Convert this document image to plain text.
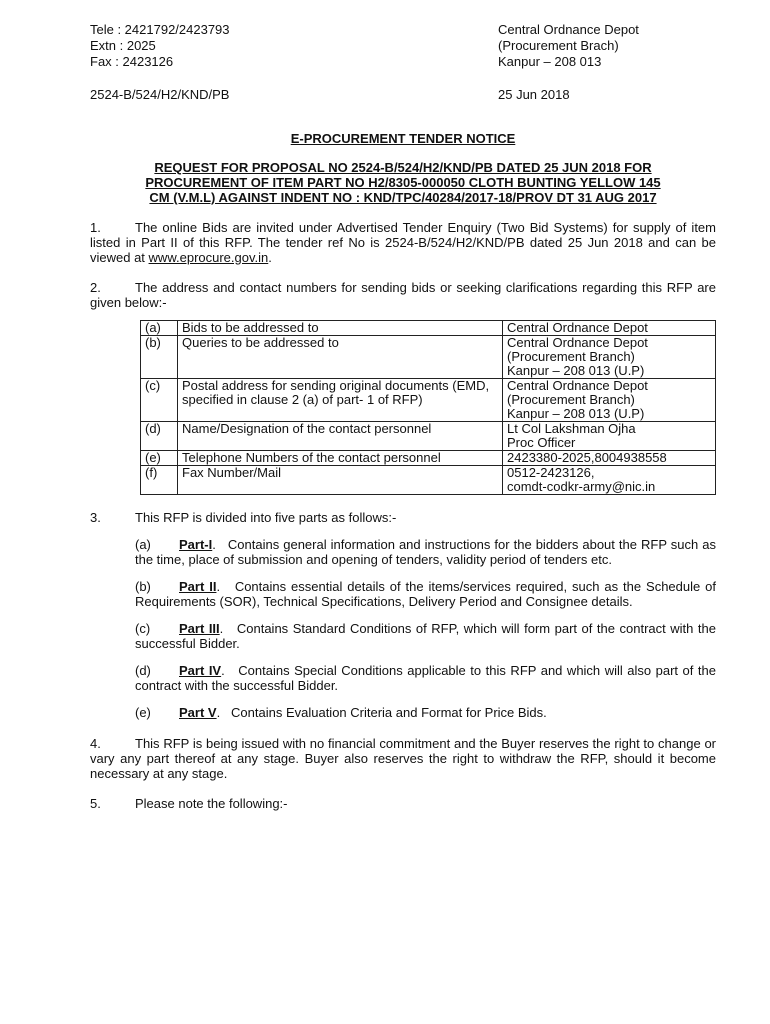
Tele : 2421792/2423793
Extn : 2025
Fax : 2423126
Central Ordnance Depot
(Procurement Brach)
Kanpur – 208 013
2524-B/524/H2/KND/PB	25 Jun 2018
E-PROCUREMENT TENDER NOTICE
REQUEST FOR PROPOSAL NO 2524-B/524/H2/KND/PB DATED 25 JUN 2018 FOR
PROCUREMENT OF ITEM PART NO H2/8305-000050 CLOTH BUNTING YELLOW 145
CM (V.M.L) AGAINST INDENT NO : KND/TPC/40284/2017-18/PROV DT 31 AUG 2017
1.	The online Bids are invited under Advertised Tender Enquiry (Two Bid Systems) for supply of item listed in Part II of this RFP. The tender ref No is 2524-B/524/H2/KND/PB dated 25 Jun 2018 and can be viewed at www.eprocure.gov.in.
2.	The address and contact numbers for sending bids or seeking clarifications regarding this RFP are given below:-
(a)	Bids to be addressed to	Central Ordnance Depot

(b)	Queries to be addressed to	Central Ordnance Depot
(Procurement Branch)
Kanpur – 208 013 (U.P)

(c)	Postal address for sending original documents (EMD, specified in clause 2 (a) of part- 1 of RFP)	Central Ordnance Depot
(Procurement Branch)
Kanpur – 208 013 (U.P)

(d)	Name/Designation of the contact personnel	Lt Col Lakshman Ojha
Proc Officer

(e)	Telephone Numbers of the contact personnel	2423380-2025,8004938558

(f)	Fax Number/Mail	0512-2423126,
comdt-codkr-army@nic.in
3.	This RFP is divided into five parts as follows:-
(a) Part-I.   Contains general information and instructions for the bidders about the RFP such as the time, place of submission and opening of tenders, validity period of tenders etc.
(b) Part II.   Contains essential details of the items/services required, such as the Schedule of Requirements (SOR), Technical Specifications, Delivery Period and Consignee details.
(c) Part III.   Contains Standard Conditions of RFP, which will form part of the contract with the successful Bidder.
(d) Part IV.   Contains Special Conditions applicable to this RFP and which will also part of the contract with the successful Bidder.
(e) Part V.   Contains Evaluation Criteria and Format for Price Bids.
4.	This RFP is being issued with no financial commitment and the Buyer reserves the right to change or vary any part thereof at any stage. Buyer also reserves the right to withdraw the RFP, should it become necessary at any stage.
5.	Please note the following:-
